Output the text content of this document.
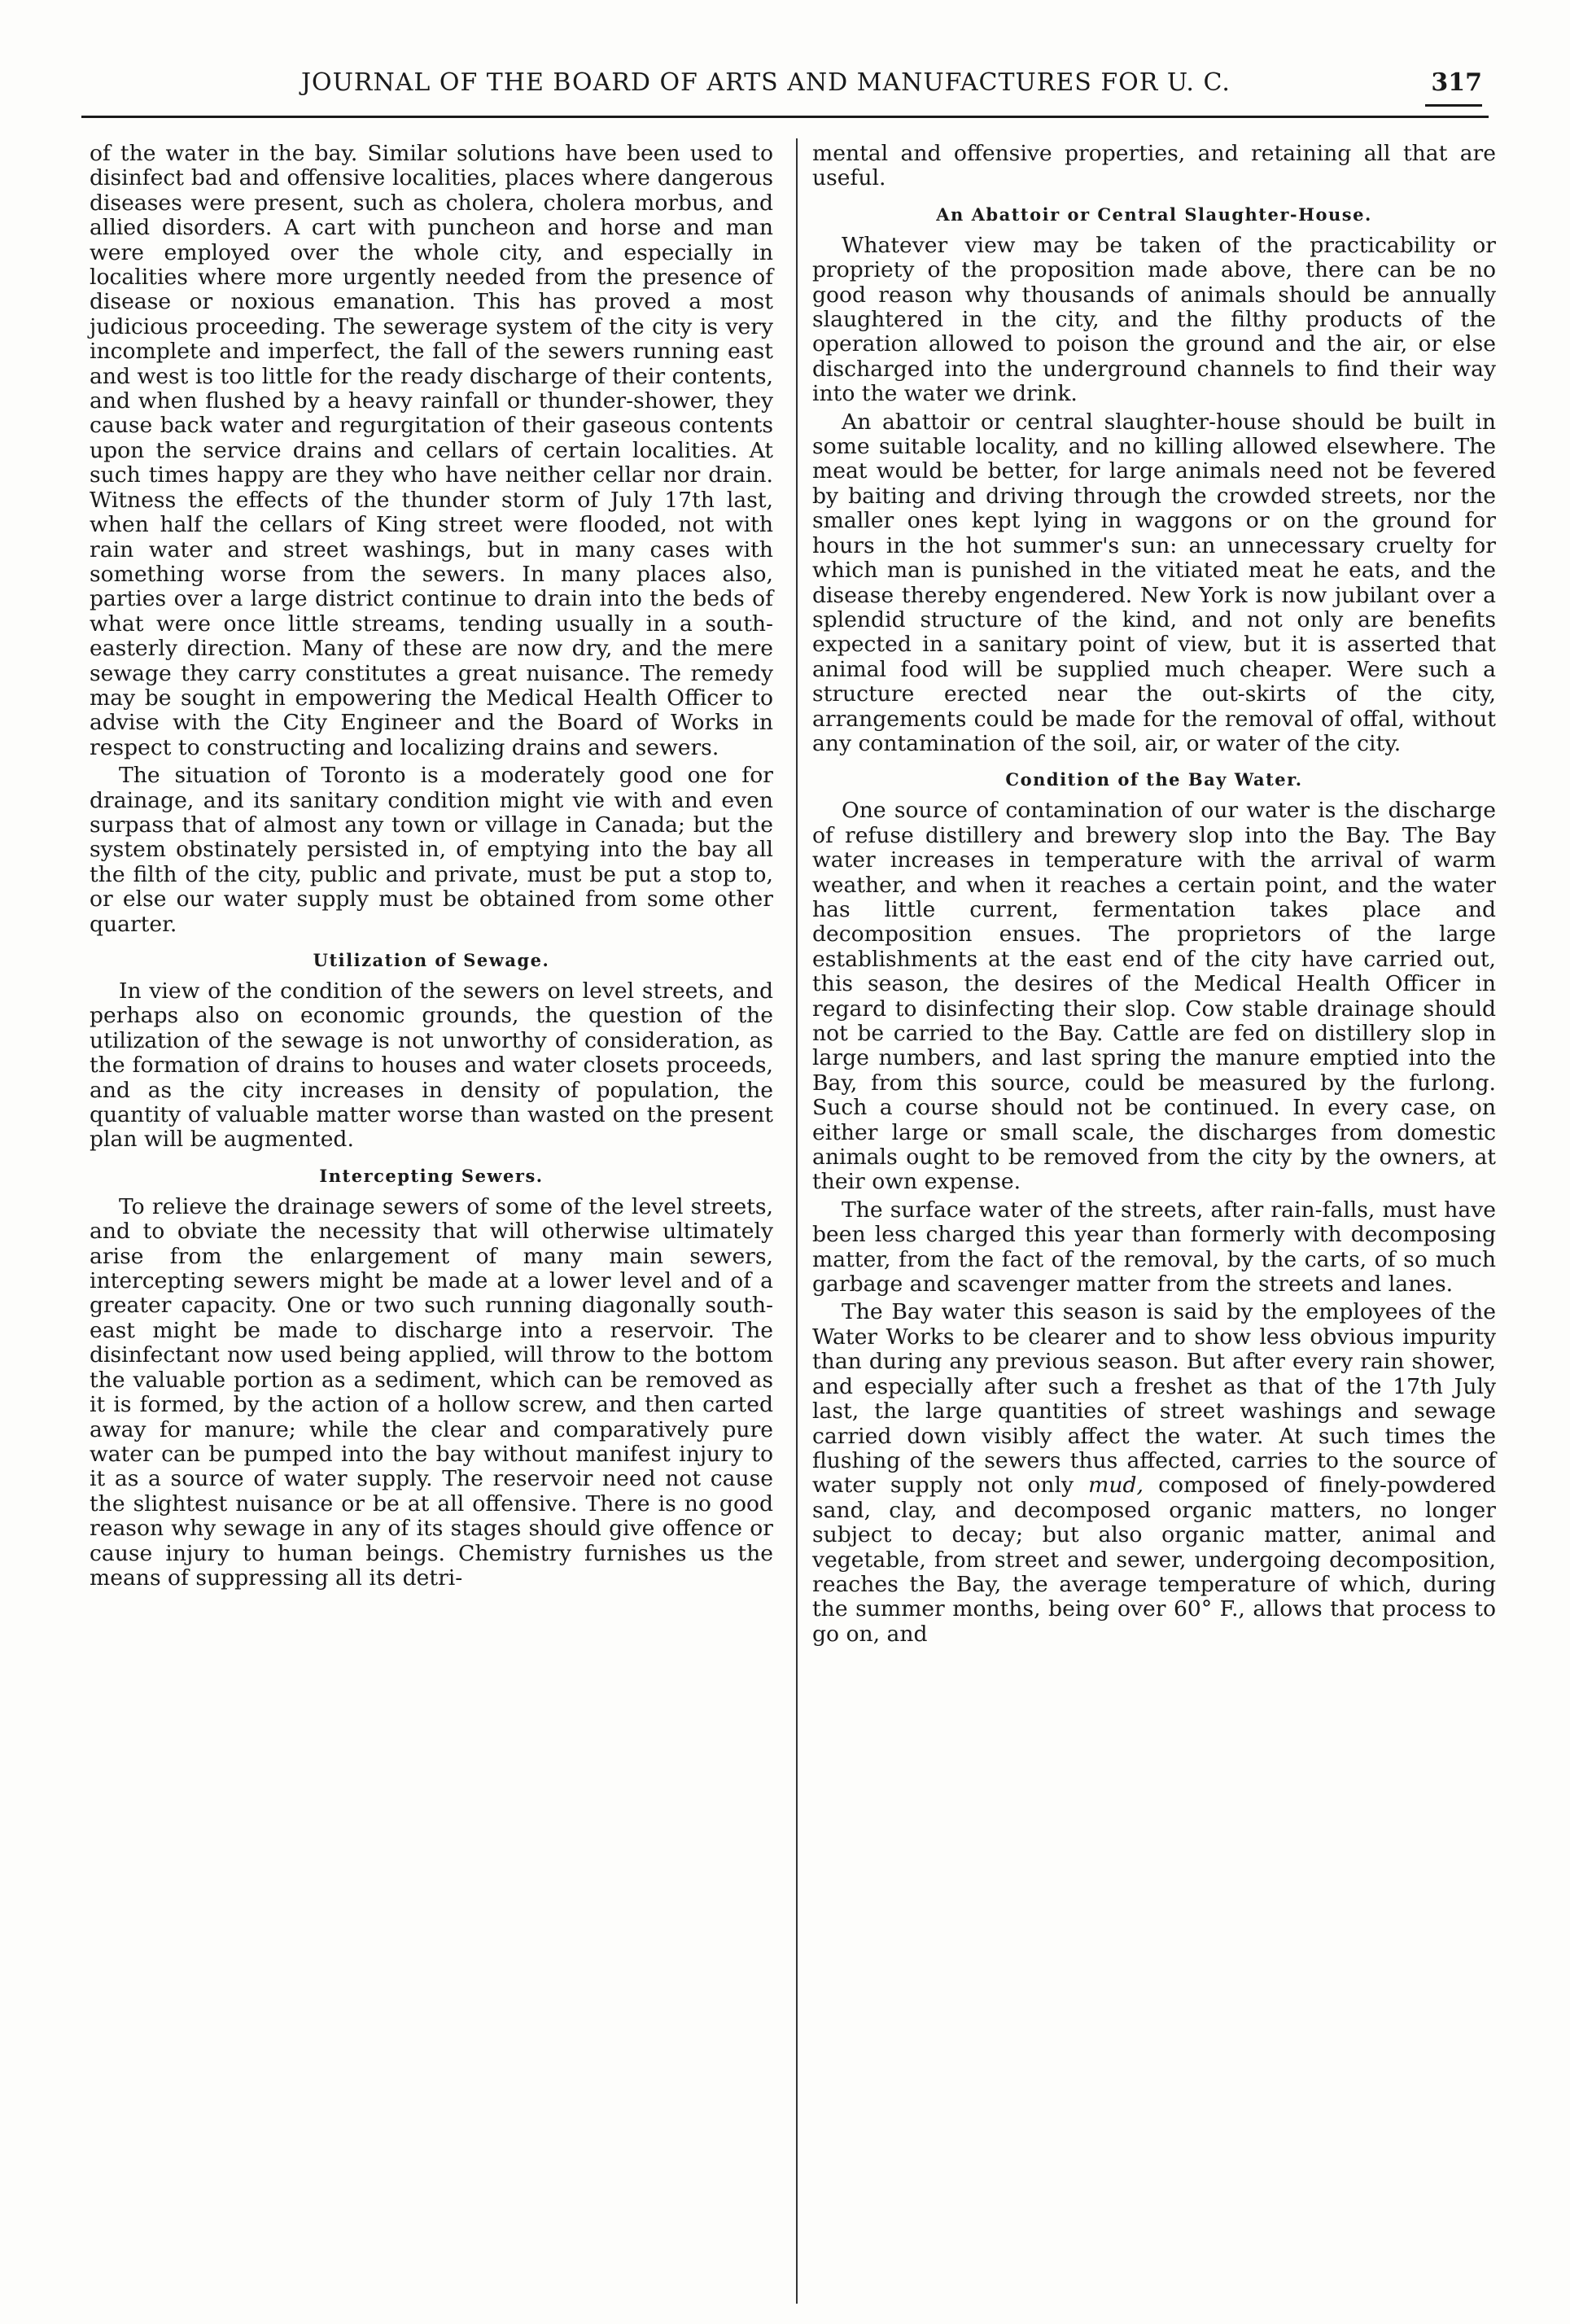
JOURNAL OF THE BOARD OF ARTS AND MANUFACTURES FOR U. C.	317

of the water in the bay. Similar solutions have been used to disinfect bad and offensive localities, places where dangerous diseases were present, such as cholera, cholera morbus, and allied disorders. A cart with puncheon and horse and man were employed over the whole city, and especially in localities where more urgently needed from the presence of disease or noxious emanation. This has proved a most judicious proceeding. The sewerage system of the city is very incomplete and imperfect, the fall of the sewers running east and west is too little for the ready discharge of their contents, and when flushed by a heavy rainfall or thunder-shower, they cause back water and regurgitation of their gaseous contents upon the service drains and cellars of certain localities. At such times happy are they who have neither cellar nor drain. Witness the effects of the thunder storm of July 17th last, when half the cellars of King street were flooded, not with rain water and street washings, but in many cases with something worse from the sewers. In many places also, parties over a large district continue to drain into the beds of what were once little streams, tending usually in a south-easterly direction. Many of these are now dry, and the mere sewage they carry constitutes a great nuisance. The remedy may be sought in empowering the Medical Health Officer to advise with the City Engineer and the Board of Works in respect to constructing and localizing drains and sewers.

The situation of Toronto is a moderately good one for drainage, and its sanitary condition might vie with and even surpass that of almost any town or village in Canada; but the system obstinately persisted in, of emptying into the bay all the filth of the city, public and private, must be put a stop to, or else our water supply must be obtained from some other quarter.

Utilization of Sewage.

In view of the condition of the sewers on level streets, and perhaps also on economic grounds, the question of the utilization of the sewage is not unworthy of consideration, as the formation of drains to houses and water closets proceeds, and as the city increases in density of population, the quantity of valuable matter worse than wasted on the present plan will be augmented.

Intercepting Sewers.

To relieve the drainage sewers of some of the level streets, and to obviate the necessity that will otherwise ultimately arise from the enlargement of many main sewers, intercepting sewers might be made at a lower level and of a greater capacity. One or two such running diagonally south-east might be made to discharge into a reservoir. The disinfectant now used being applied, will throw to the bottom the valuable portion as a sediment, which can be removed as it is formed, by the action of a hollow screw, and then carted away for manure; while the clear and comparatively pure water can be pumped into the bay without manifest injury to it as a source of water supply. The reservoir need not cause the slightest nuisance or be at all offensive. There is no good reason why sewage in any of its stages should give offence or cause injury to human beings. Chemistry furnishes us the means of suppressing all its detri-

mental and offensive properties, and retaining all that are useful.

An Abattoir or Central Slaughter-House.

Whatever view may be taken of the practicability or propriety of the proposition made above, there can be no good reason why thousands of animals should be annually slaughtered in the city, and the filthy products of the operation allowed to poison the ground and the air, or else discharged into the underground channels to find their way into the water we drink.

An abattoir or central slaughter-house should be built in some suitable locality, and no killing allowed elsewhere. The meat would be better, for large animals need not be fevered by baiting and driving through the crowded streets, nor the smaller ones kept lying in waggons or on the ground for hours in the hot summer's sun: an unnecessary cruelty for which man is punished in the vitiated meat he eats, and the disease thereby engendered. New York is now jubilant over a splendid structure of the kind, and not only are benefits expected in a sanitary point of view, but it is asserted that animal food will be supplied much cheaper. Were such a structure erected near the out-skirts of the city, arrangements could be made for the removal of offal, without any contamination of the soil, air, or water of the city.

Condition of the Bay Water.

One source of contamination of our water is the discharge of refuse distillery and brewery slop into the Bay. The Bay water increases in temperature with the arrival of warm weather, and when it reaches a certain point, and the water has little current, fermentation takes place and decomposition ensues. The proprietors of the large establishments at the east end of the city have carried out, this season, the desires of the Medical Health Officer in regard to disinfecting their slop. Cow stable drainage should not be carried to the Bay. Cattle are fed on distillery slop in large numbers, and last spring the manure emptied into the Bay, from this source, could be measured by the furlong. Such a course should not be continued. In every case, on either large or small scale, the discharges from domestic animals ought to be removed from the city by the owners, at their own expense.

The surface water of the streets, after rain-falls, must have been less charged this year than formerly with decomposing matter, from the fact of the removal, by the carts, of so much garbage and scavenger matter from the streets and lanes.

The Bay water this season is said by the employees of the Water Works to be clearer and to show less obvious impurity than during any previous season. But after every rain shower, and especially after such a freshet as that of the 17th July last, the large quantities of street washings and sewage carried down visibly affect the water. At such times the flushing of the sewers thus affected, carries to the source of water supply not only mud, composed of finely-powdered sand, clay, and decomposed organic matters, no longer subject to decay; but also organic matter, animal and vegetable, from street and sewer, undergoing decomposition, reaches the Bay, the average temperature of which, during the summer months, being over 60° F., allows that process to go on, and
